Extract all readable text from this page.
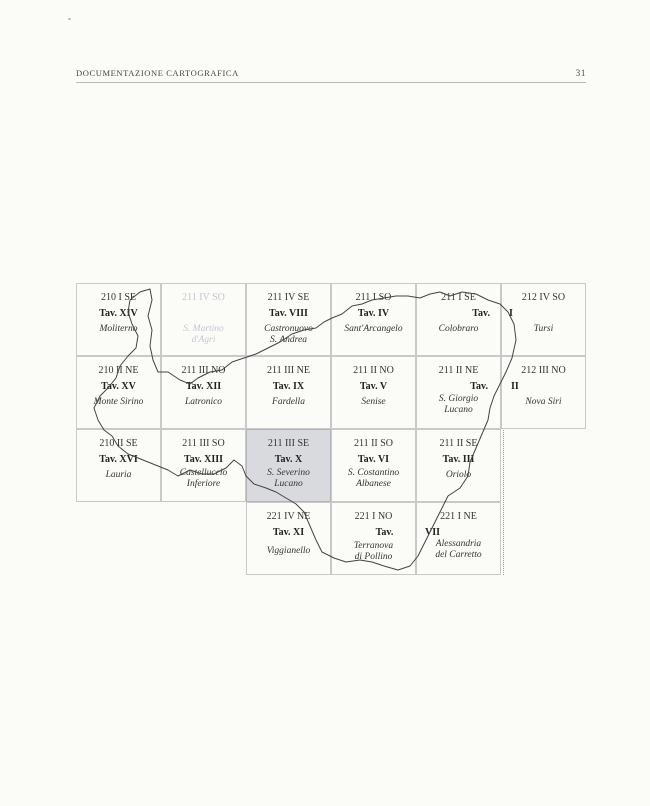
DOCUMENTAZIONE CARTOGRAFICA	31
210 I SE
Tav. XIV
Moliterno
211 IV SO
S. Martino
d'Agri
211 IV SE
Tav. VIII
Castronuovo
S. Andrea
211 I SO
Tav. IV
Sant'Arcangelo
211 I SE
Tav.
Colobraro
212 IV SO
I
Tursi
210 II NE
Tav. XV
Monte Sirino
211 III NO
Tav. XII
Latronico
211 III NE
Tav. IX
Fardella
211 II NO
Tav. V
Senise
211 II NE
Tav.
S. Giorgio
Lucano
212 III NO
II
Nova Siri
210 II SE
Tav. XVI
Lauria
211 III SO
Tav. XIII
Castelluccio
Inferiore
211 III SE
Tav. X
S. Severino
Lucano
211 II SO
Tav. VI
S. Costantino
Albanese
211 II SE
Tav. III
Oriolo
221 IV NE
Tav. XI
Viggianello
221 I NO
Tav.
Terranova
di Pollino
221 I NE
VII
Alessandria
del Carretto
